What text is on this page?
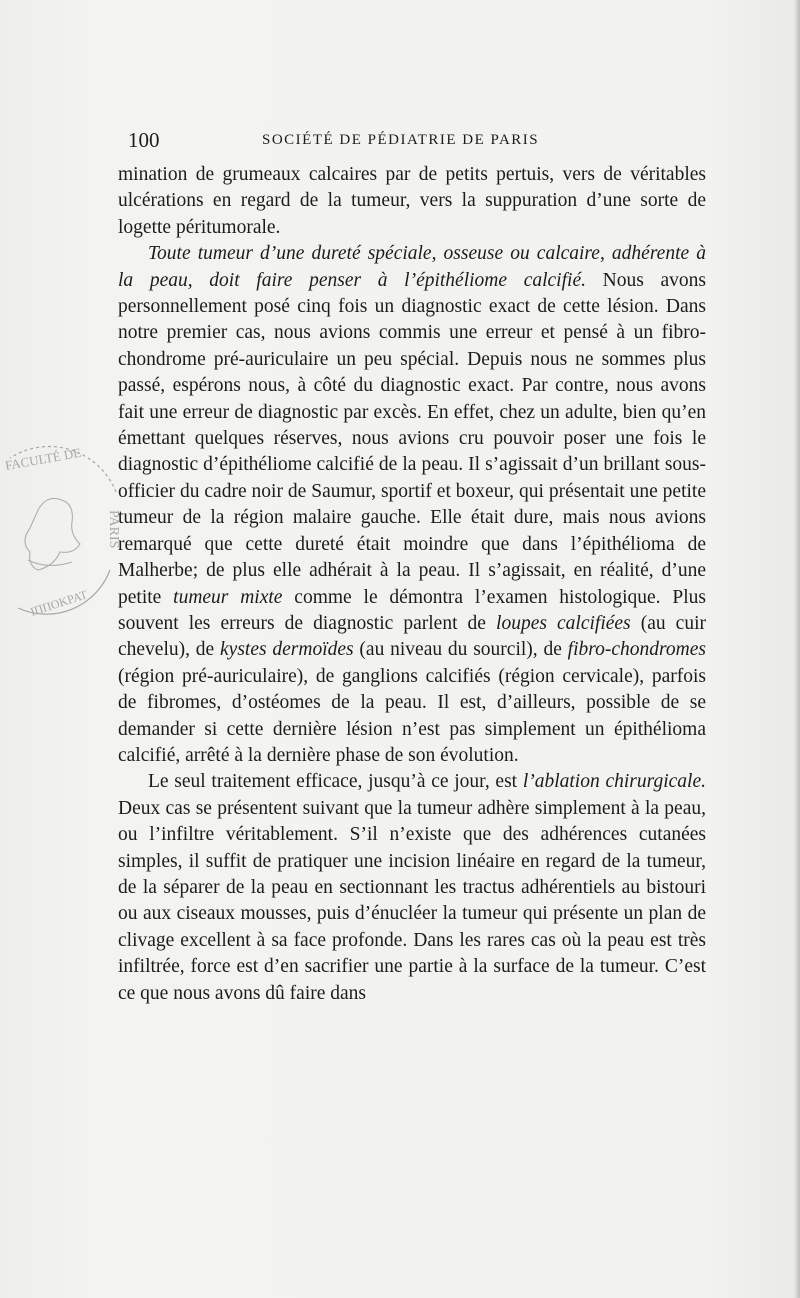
100	SOCIÉTÉ DE PÉDIATRIE DE PARIS
FACULTÉ DE
PARIS
ΙΠΠΟΚΡΑΤ

mination de grumeaux calcaires par de petits pertuis, vers de véritables ulcérations en regard de la tumeur, vers la suppuration d’une sorte de logette péritumorale.

Toute tumeur d’une dureté spéciale, osseuse ou calcaire, adhérente à la peau, doit faire penser à l’épithéliome calcifié. Nous avons personnellement posé cinq fois un diagnostic exact de cette lésion. Dans notre premier cas, nous avions commis une erreur et pensé à un fibro-chondrome pré-auriculaire un peu spécial. Depuis nous ne sommes plus passé, espérons nous, à côté du diagnostic exact. Par contre, nous avons fait une erreur de diagnostic par excès. En effet, chez un adulte, bien qu’en émettant quelques réserves, nous avions cru pouvoir poser une fois le diagnostic d’épithéliome calcifié de la peau. Il s’agissait d’un brillant sous-officier du cadre noir de Saumur, sportif et boxeur, qui présentait une petite tumeur de la région malaire gauche. Elle était dure, mais nous avions remarqué que cette dureté était moindre que dans l’épithélioma de Malherbe; de plus elle adhérait à la peau. Il s’agissait, en réalité, d’une petite tumeur mixte comme le démontra l’examen histologique. Plus souvent les erreurs de diagnostic parlent de loupes calcifiées (au cuir chevelu), de kystes dermoïdes (au niveau du sourcil), de fibro-chondromes (région pré-auriculaire), de ganglions calcifiés (région cervicale), parfois de fibromes, d’ostéomes de la peau. Il est, d’ailleurs, possible de se demander si cette dernière lésion n’est pas simplement un épithélioma calcifié, arrêté à la dernière phase de son évolution.

Le seul traitement efficace, jusqu’à ce jour, est l’ablation chirurgicale. Deux cas se présentent suivant que la tumeur adhère simplement à la peau, ou l’infiltre véritablement. S’il n’existe que des adhérences cutanées simples, il suffit de pratiquer une incision linéaire en regard de la tumeur, de la séparer de la peau en sectionnant les tractus adhérentiels au bistouri ou aux ciseaux mousses, puis d’énucléer la tumeur qui présente un plan de clivage excellent à sa face profonde. Dans les rares cas où la peau est très infiltrée, force est d’en sacrifier une partie à la surface de la tumeur. C’est ce que nous avons dû faire dans
